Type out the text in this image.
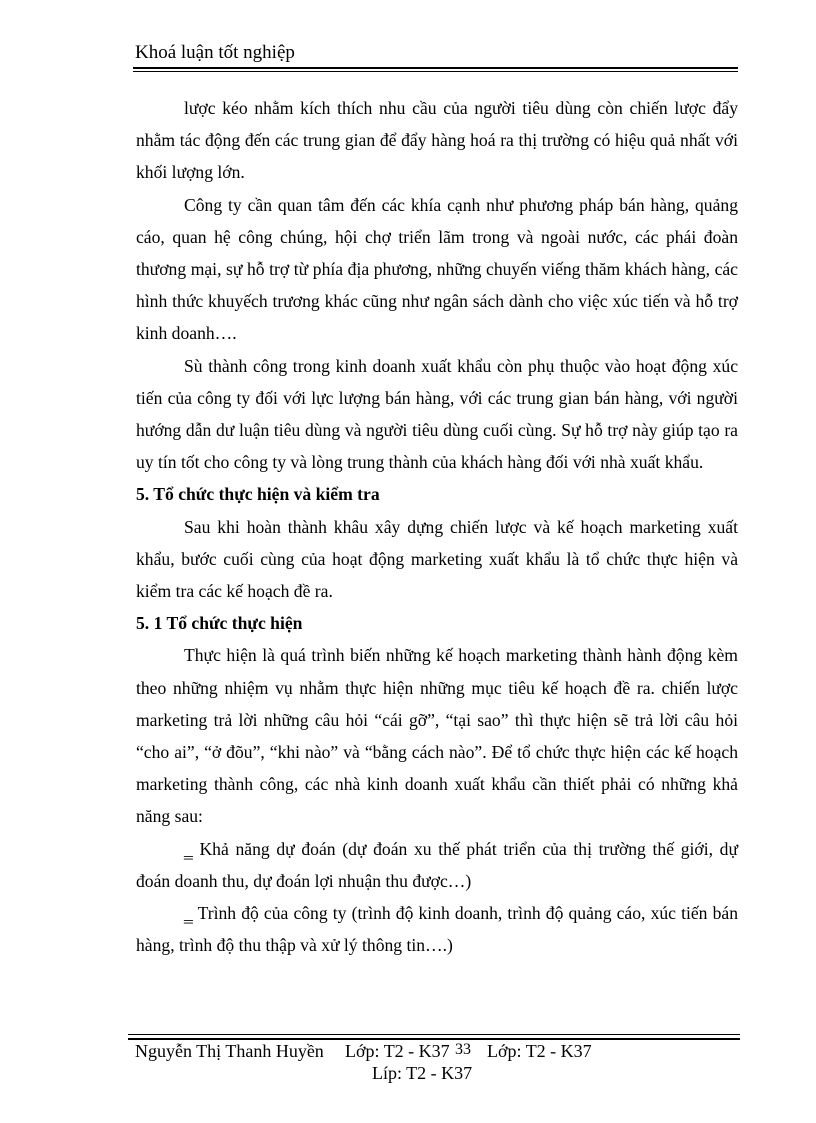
Khoá luận tốt nghiệp

lược kéo nhằm kích thích nhu cầu của người tiêu dùng còn chiến lược đẩy nhằm tác động đến các trung gian để đẩy hàng hoá ra thị trường có hiệu quả nhất với khối lượng lớn.

Công ty cần quan tâm đến các khía cạnh như phương pháp bán hàng, quảng cáo, quan hệ công chúng, hội chợ triển lãm trong và ngoài nước, các phái đoàn thương mại, sự hỗ trợ từ phía địa phương, những chuyến viếng thăm khách hàng, các hình thức khuyếch trương khác cũng như ngân sách dành cho việc xúc tiến và hỗ trợ kinh doanh….

Sù thành công trong kinh doanh xuất khẩu còn phụ thuộc vào hoạt động xúc tiến của công ty đối với lực lượng bán hàng, với các trung gian bán hàng, với người hướng dẫn dư luận tiêu dùng và người tiêu dùng cuối cùng. Sự hỗ trợ này giúp tạo ra uy tín tốt cho công ty và lòng trung thành của khách hàng đối với nhà xuất khẩu.

5. Tổ chức thực hiện và kiểm tra

Sau khi hoàn thành khâu xây dựng chiến lược và kế hoạch marketing xuất khẩu, bước cuối cùng của hoạt động marketing xuất khẩu là tổ chức thực hiện và kiểm tra các kế hoạch đề ra.

5. 1 Tổ chức thực hiện

Thực hiện là quá trình biến những kế hoạch marketing thành hành động kèm theo những nhiệm vụ nhằm thực hiện những mục tiêu kế hoạch đề ra. chiến lược marketing trả lời những câu hỏi “cái gỡ”, “tại sao” thì thực hiện sẽ trả lời câu hỏi “cho ai”, “ở đõu”, “khi nào” và “bằng cách nào”. Để tổ chức thực hiện các kế hoạch marketing thành công, các nhà kinh doanh xuất khẩu cần thiết phải có những khả năng sau:

‗ Khả năng dự đoán (dự đoán xu thế phát triển của thị trường thế giới, dự đoán doanh thu, dự đoán lợi nhuận thu được…)

‗ Trình độ của công ty (trình độ kinh doanh, trình độ quảng cáo, xúc tiến bán hàng, trình độ thu thập và xử lý thông tin….)

Nguyễn Thị Thanh Huyền Lớp: T2 - K37 33 Lớp: T2 - K37
Líp: T2 - K37
